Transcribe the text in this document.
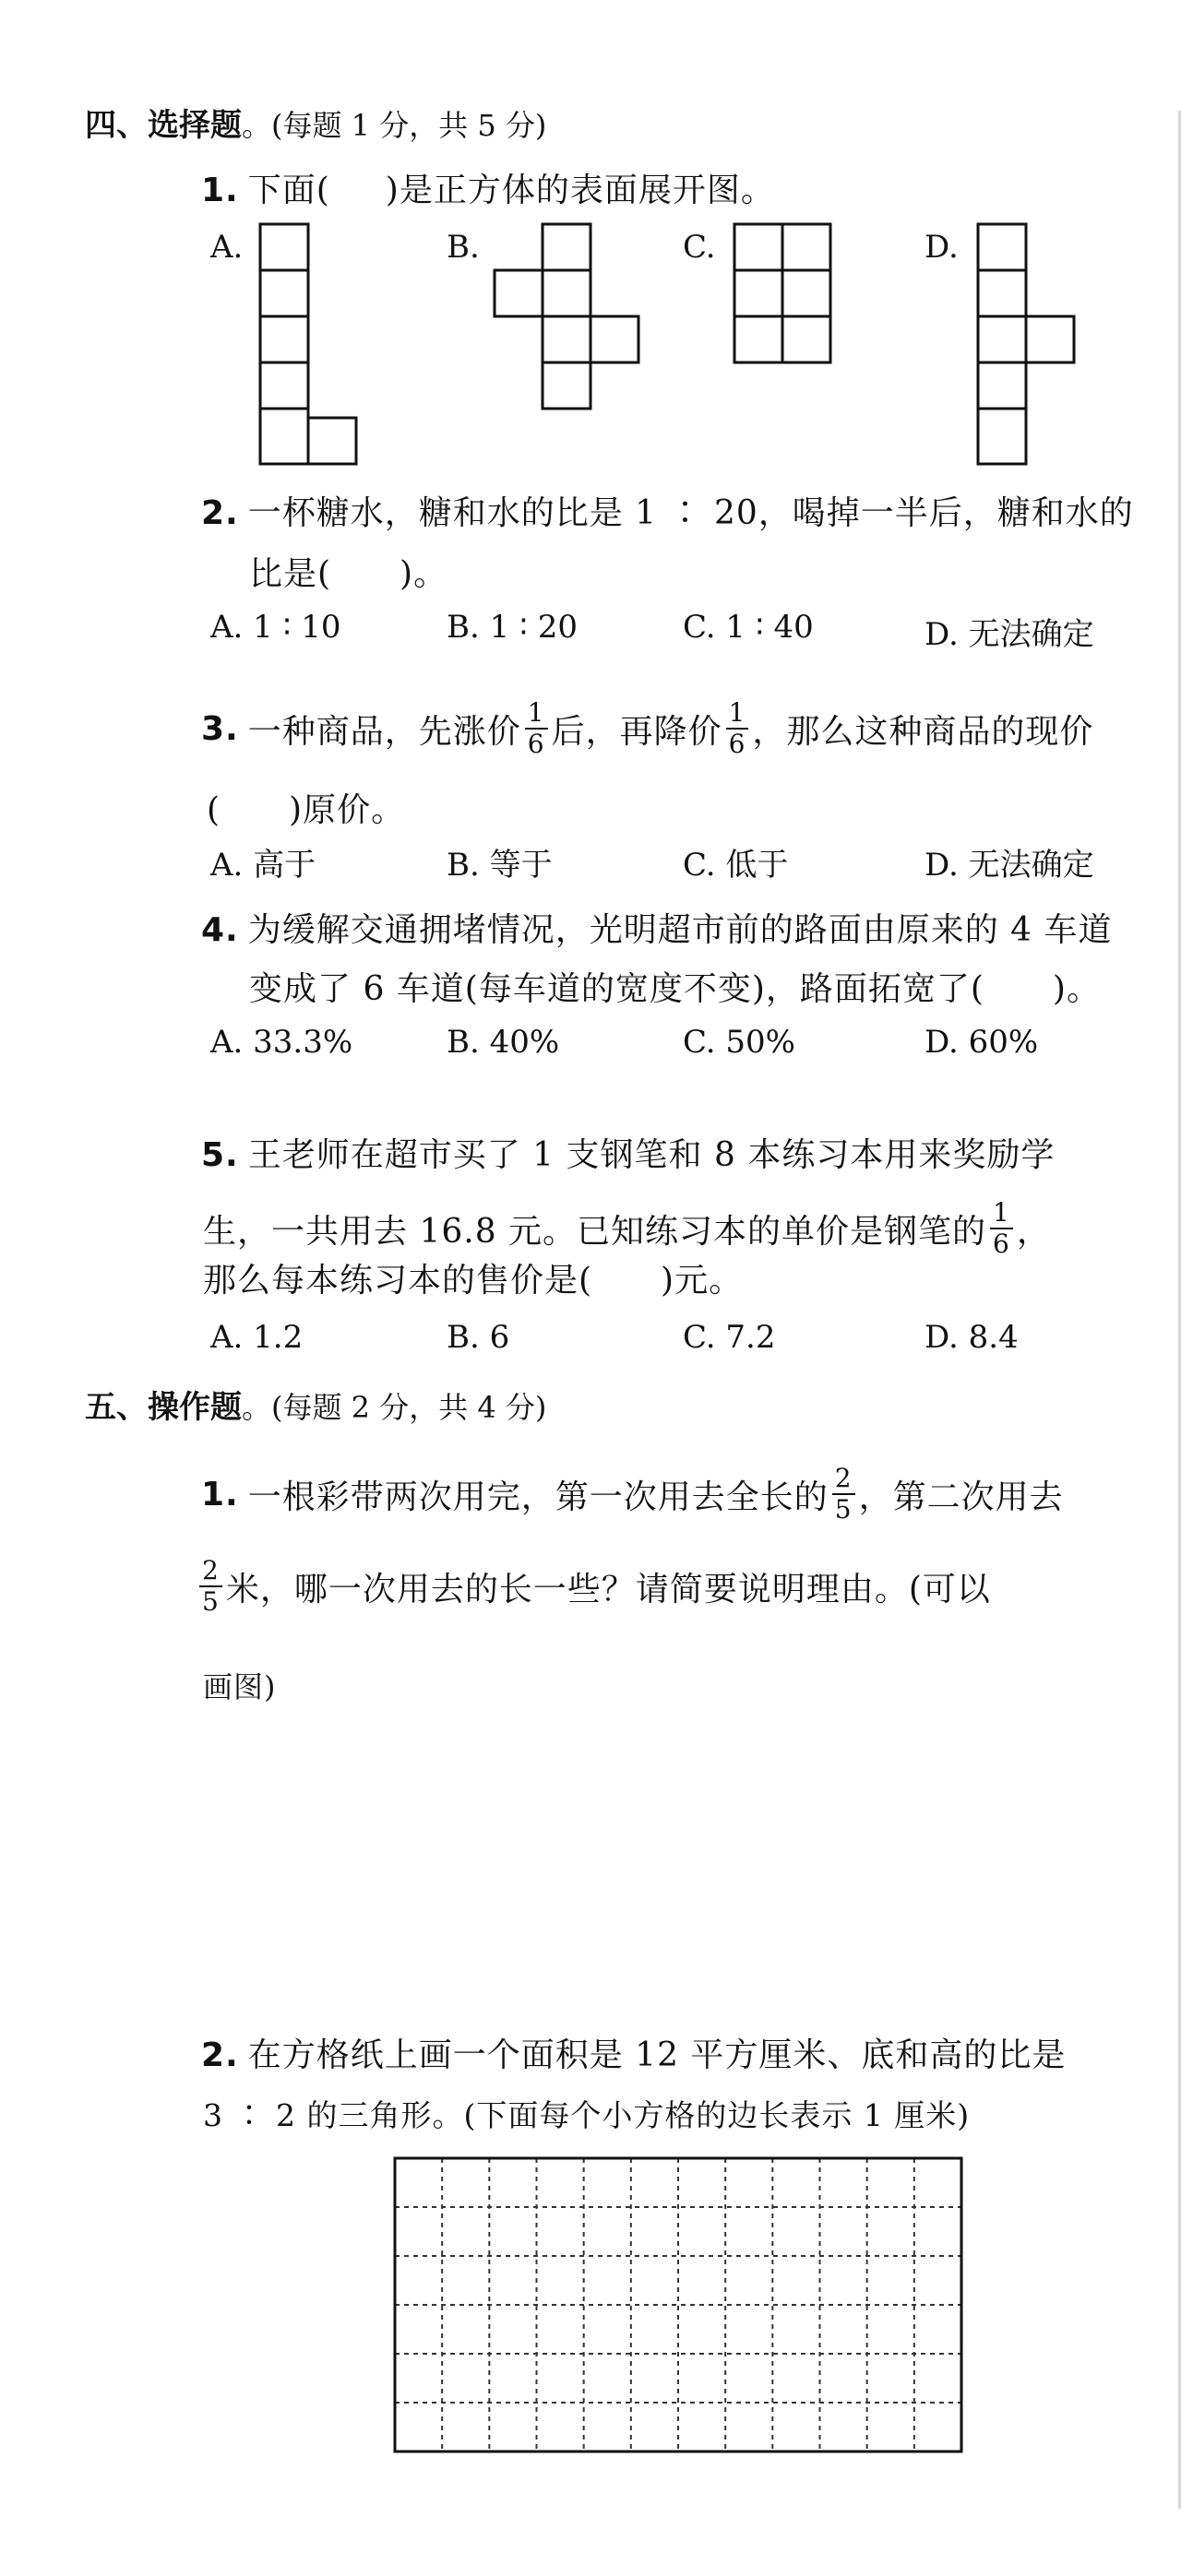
四、选择题。(每题 1 分，共 5 分)
1. 下面( )是正方体的表面展开图。
A.	B.	C.	D.
2. 一杯糖水，糖和水的比是 1 ∶ 20，喝掉一半后，糖和水的
比是(　　)。
A. 1 ∶ 10	B. 1 ∶ 20	C. 1 ∶ 40	D. 无法确定
3. 一种商品，先涨价 $\frac{1}{6}$ 后，再降价 $\frac{1}{6}$ ，那么这种商品的现价
(　　)原价。
A. 高于	B. 等于	C. 低于	D. 无法确定
4. 为缓解交通拥堵情况，光明超市前的路面由原来的 4 车道
变成了 6 车道(每车道的宽度不变)，路面拓宽了(　　)。
A. 33.3%	B. 40%	C. 50%	D. 60%
5. 王老师在超市买了 1 支钢笔和 8 本练习本用来奖励学
生，一共用去 16.8 元。已知练习本的单价是钢笔的 $\frac{1}{6}$ ，
那么每本练习本的售价是(　　)元。
A. 1.2	B. 6	C. 7.2	D. 8.4
五、操作题。(每题 2 分，共 4 分)
1. 一根彩带两次用完，第一次用去全长的 $\frac{2}{5}$ ，第二次用去
$\frac{2}{5}$ 米，哪一次用去的长一些？请简要说明理由。(可以
画图)
2. 在方格纸上画一个面积是 12 平方厘米、底和高的比是
3 ∶ 2 的三角形。(下面每个小方格的边长表示 1 厘米)
